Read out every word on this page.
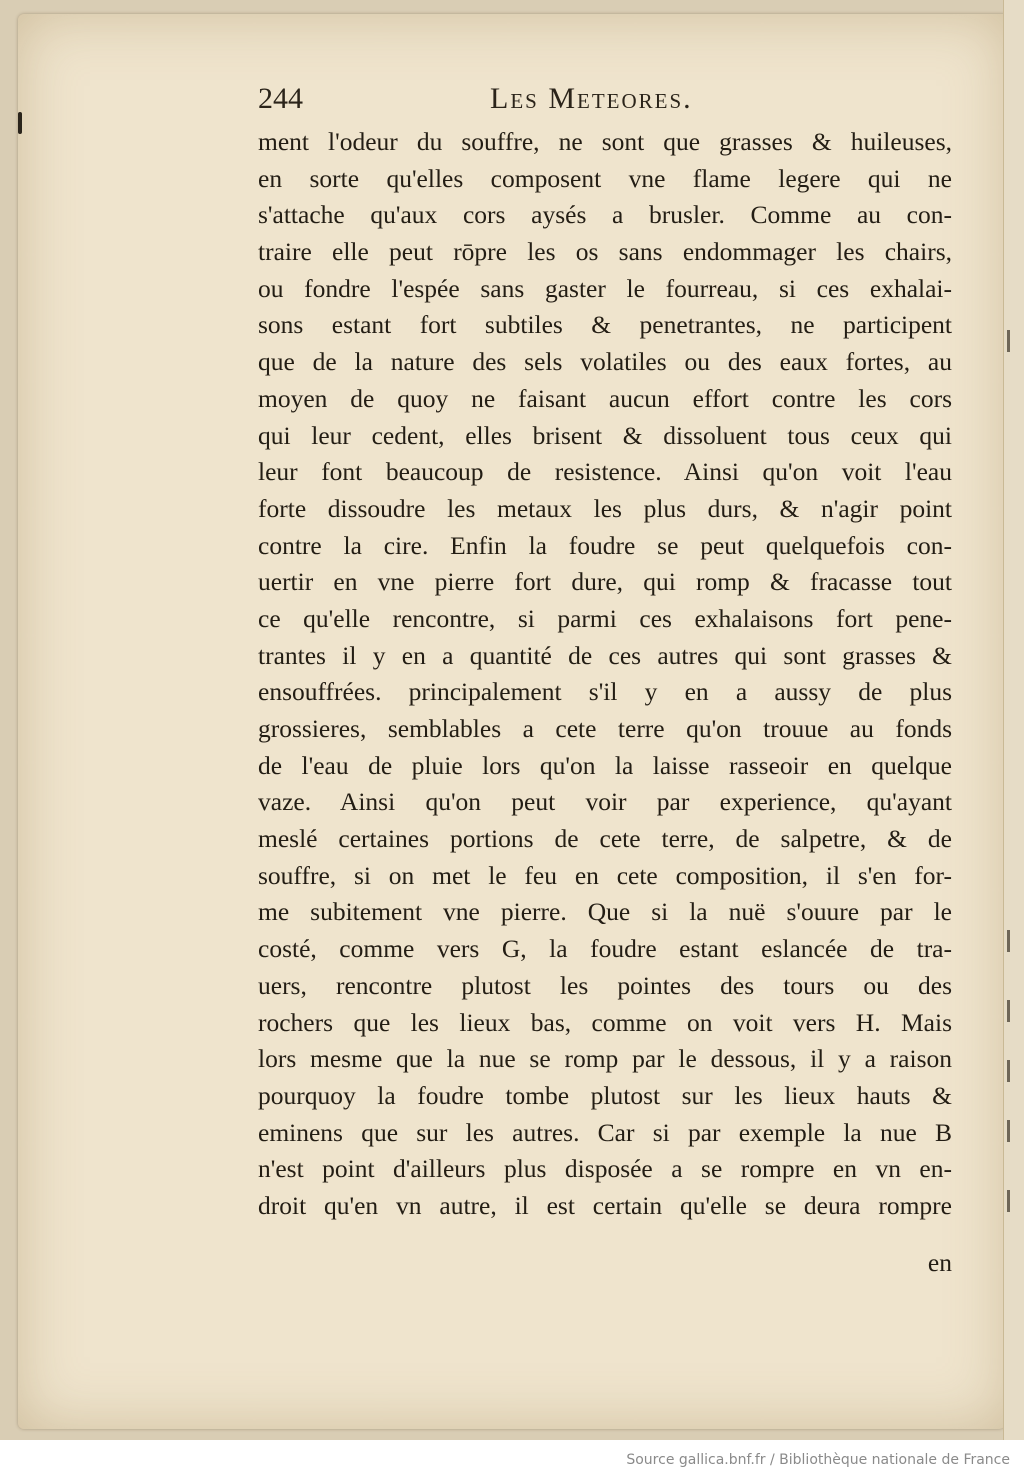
244	Les Meteores.
ment l'odeur du souffre, ne sont que grasses & huileuses,
en sorte qu'elles composent vne flame legere qui ne
s'attache qu'aux cors aysés a brusler. Comme au con-
traire elle peut rōpre les os sans endommager les chairs,
ou fondre l'espée sans gaster le fourreau, si ces exhalai-
sons estant fort subtiles & penetrantes, ne participent
que de la nature des sels volatiles ou des eaux fortes, au
moyen de quoy ne faisant aucun effort contre les cors
qui leur cedent, elles brisent & dissoluent tous ceux qui
leur font beaucoup de resistence. Ainsi qu'on voit l'eau
forte dissoudre les metaux les plus durs, & n'agir point
contre la cire. Enfin la foudre se peut quelquefois con-
uertir en vne pierre fort dure, qui romp & fracasse tout
ce qu'elle rencontre, si parmi ces exhalaisons fort pene-
trantes il y en a quantité de ces autres qui sont grasses &
ensouffrées. principalement s'il y en a aussy de plus
grossieres, semblables a cete terre qu'on trouue au fonds
de l'eau de pluie lors qu'on la laisse rasseoir en quelque
vaze. Ainsi qu'on peut voir par experience, qu'ayant
meslé certaines portions de cete terre, de salpetre, & de
souffre, si on met le feu en cete composition, il s'en for-
me subitement vne pierre. Que si la nuë s'ouure par le
costé, comme vers G, la foudre estant eslancée de tra-
uers, rencontre plutost les pointes des tours ou des
rochers que les lieux bas, comme on voit vers H. Mais
lors mesme que la nue se romp par le dessous, il y a raison
pourquoy la foudre tombe plutost sur les lieux hauts &
eminens que sur les autres. Car si par exemple la nue B
n'est point d'ailleurs plus disposée a se rompre en vn en-
droit qu'en vn autre, il est certain qu'elle se deura rompre
en
Source gallica.bnf.fr / Bibliothèque nationale de France
